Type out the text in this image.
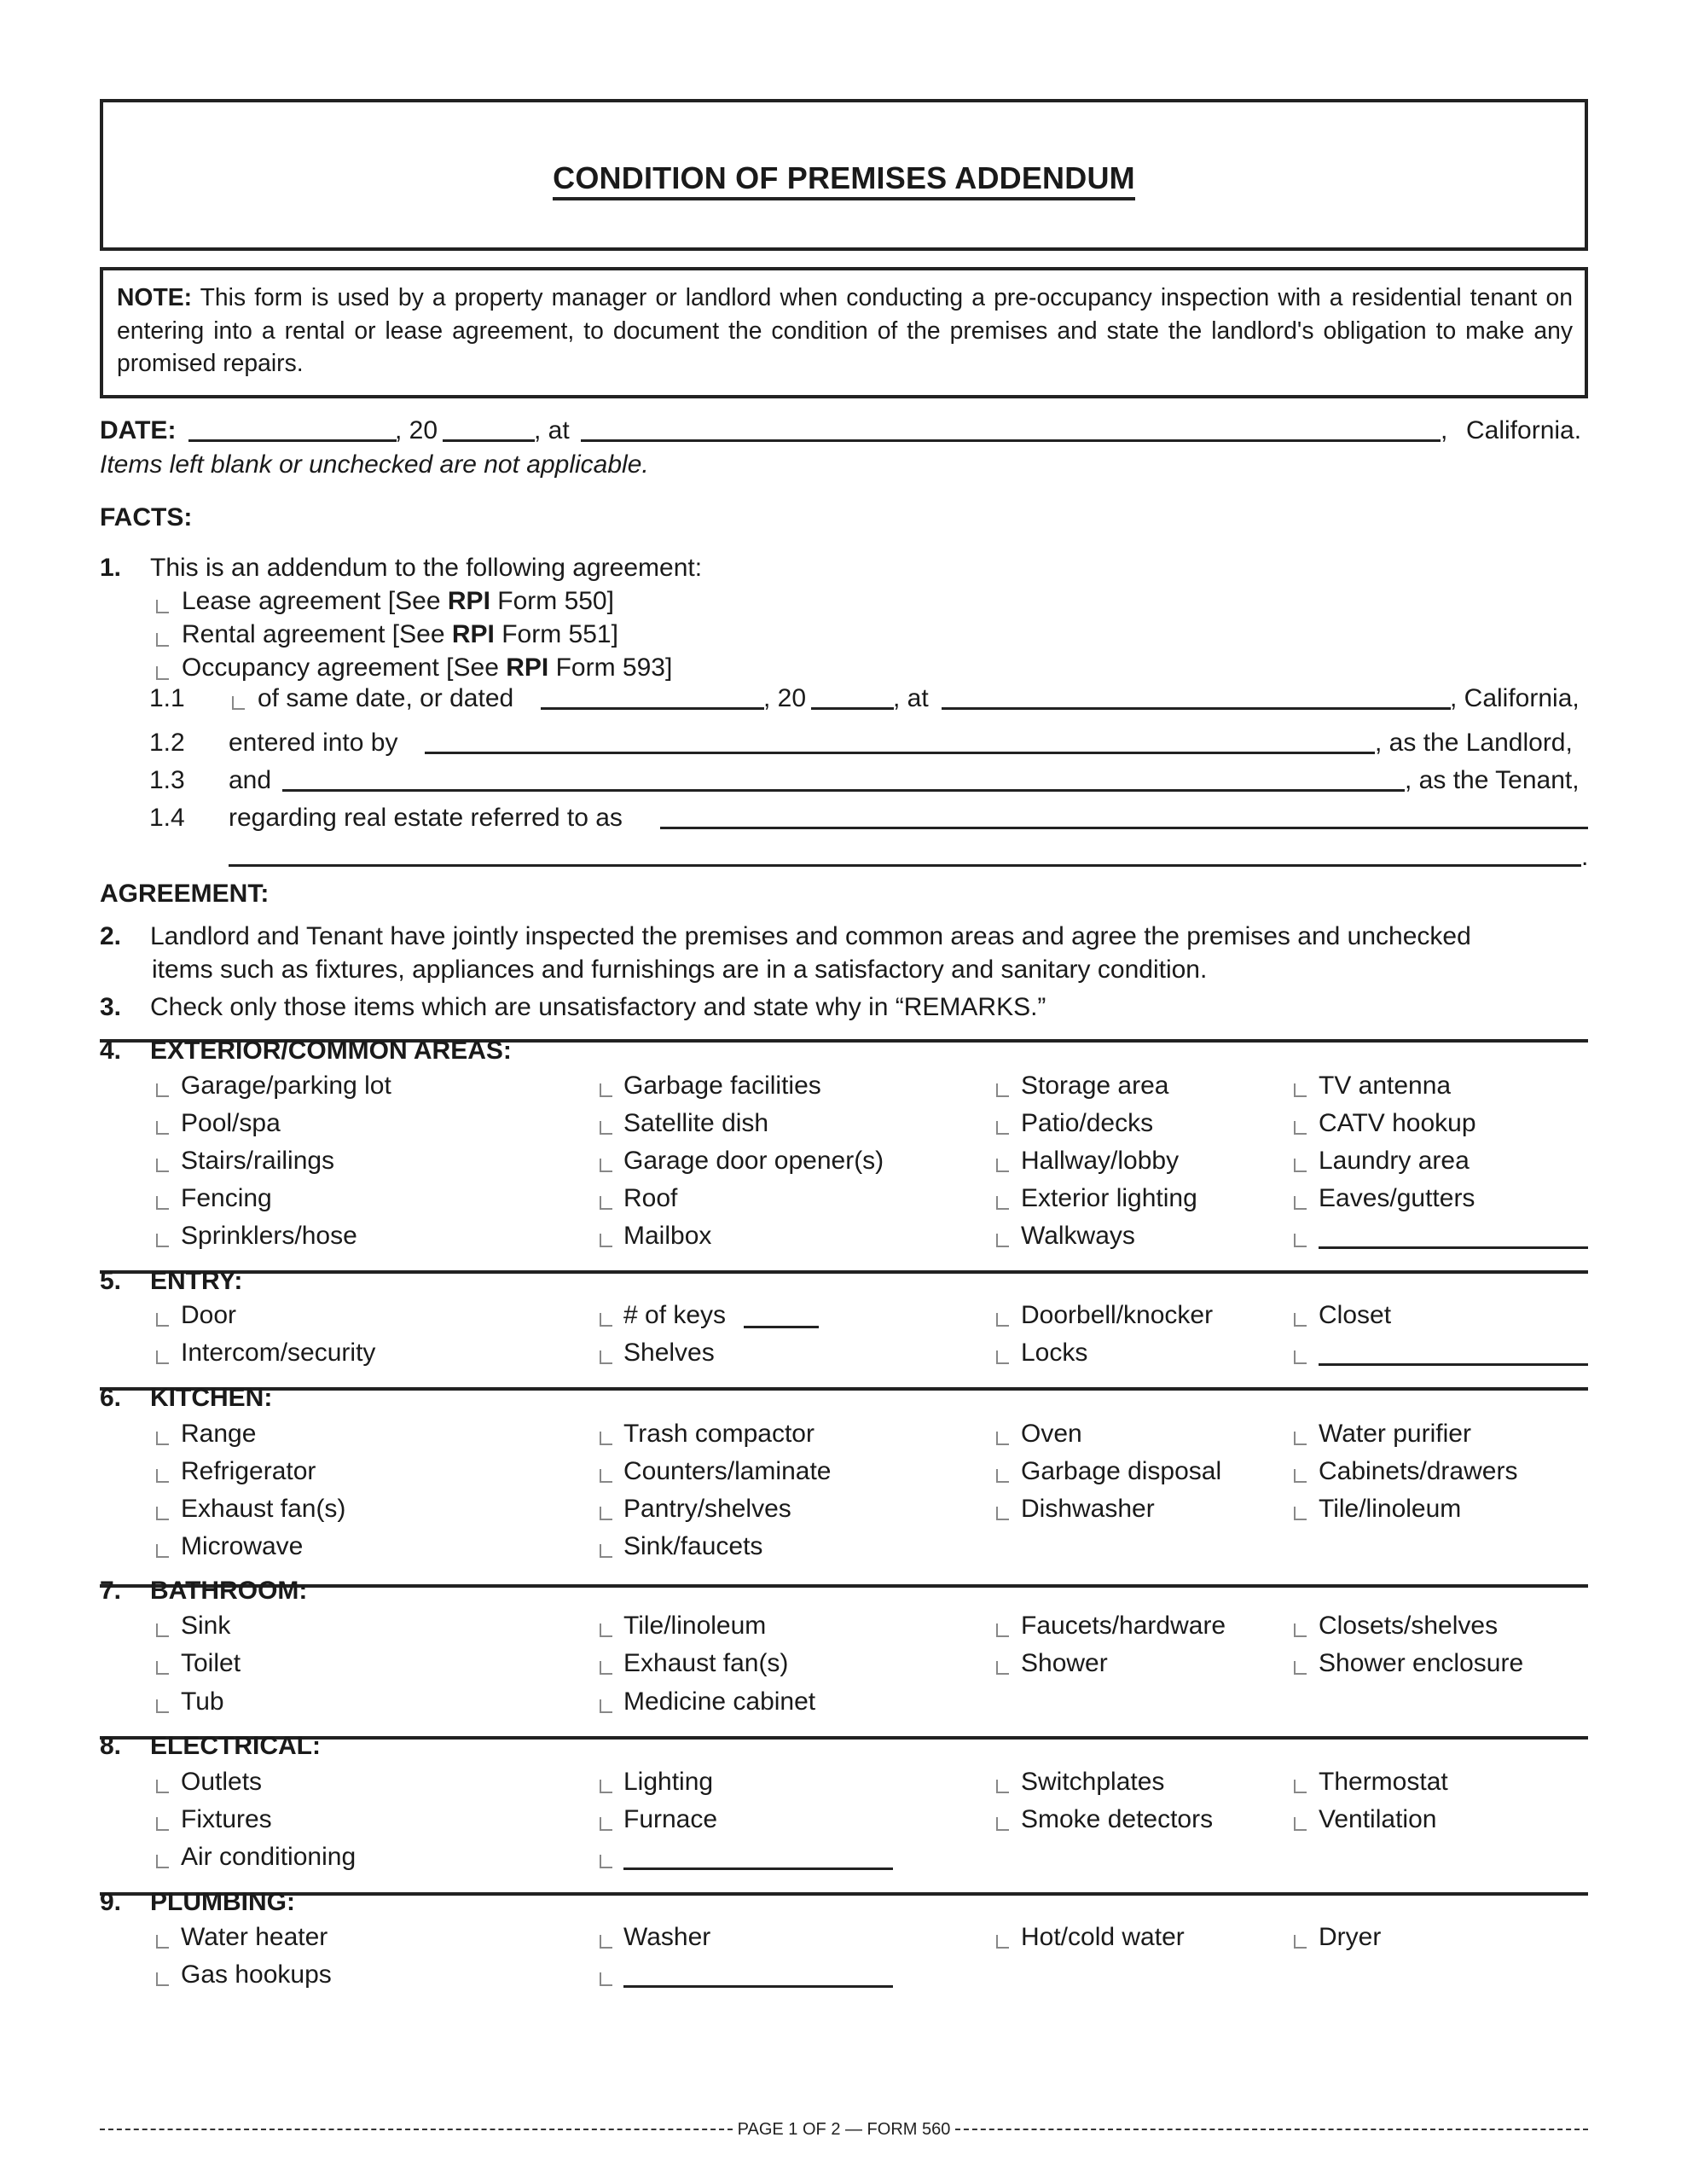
CONDITION OF PREMISES ADDENDUM
NOTE: This form is used by a property manager or landlord when conducting a pre-occupancy inspection with a residential tenant on entering into a rental or lease agreement, to document the condition of the premises and state the landlord's obligation to make any promised repairs.
DATE:	, 20	, at	, California.
Items left blank or unchecked are not applicable.
FACTS:
1. This is an addendum to the following agreement:
Lease agreement [See RPI Form 550]
Rental agreement [See RPI Form 551]
Occupancy agreement [See RPI Form 593]
1.1	of same date, or dated	, 20	, at	, California,
1.2 entered into by	, as the Landlord,
1.3 and	, as the Tenant,
1.4 regarding real estate referred to as
.
AGREEMENT:
2. Landlord and Tenant have jointly inspected the premises and common areas and agree the premises and unchecked
items such as fixtures, appliances and furnishings are in a satisfactory and sanitary condition.
3. Check only those items which are unsatisfactory and state why in “REMARKS.”
4. EXTERIOR/COMMON AREAS:
Garage/parking lot	Garbage facilities	Storage area	TV antenna
Pool/spa	Satellite dish	Patio/decks	CATV hookup
Stairs/railings	Garage door opener(s)	Hallway/lobby	Laundry area
Fencing	Roof	Exterior lighting	Eaves/gutters
Sprinklers/hose	Mailbox	Walkways
5. ENTRY:
Door	# of keys	Doorbell/knocker	Closet
Intercom/security	Shelves	Locks
6. KITCHEN:
Range	Trash compactor	Oven	Water purifier
Refrigerator	Counters/laminate	Garbage disposal	Cabinets/drawers
Exhaust fan(s)	Pantry/shelves	Dishwasher	Tile/linoleum
Microwave	Sink/faucets
7. BATHROOM:
Sink	Tile/linoleum	Faucets/hardware	Closets/shelves
Toilet	Exhaust fan(s)	Shower	Shower enclosure
Tub	Medicine cabinet
8. ELECTRICAL:
Outlets	Lighting	Switchplates	Thermostat
Fixtures	Furnace	Smoke detectors	Ventilation
Air conditioning
9. PLUMBING:
Water heater	Washer	Hot/cold water	Dryer
Gas hookups
PAGE 1 OF 2 — FORM 560
